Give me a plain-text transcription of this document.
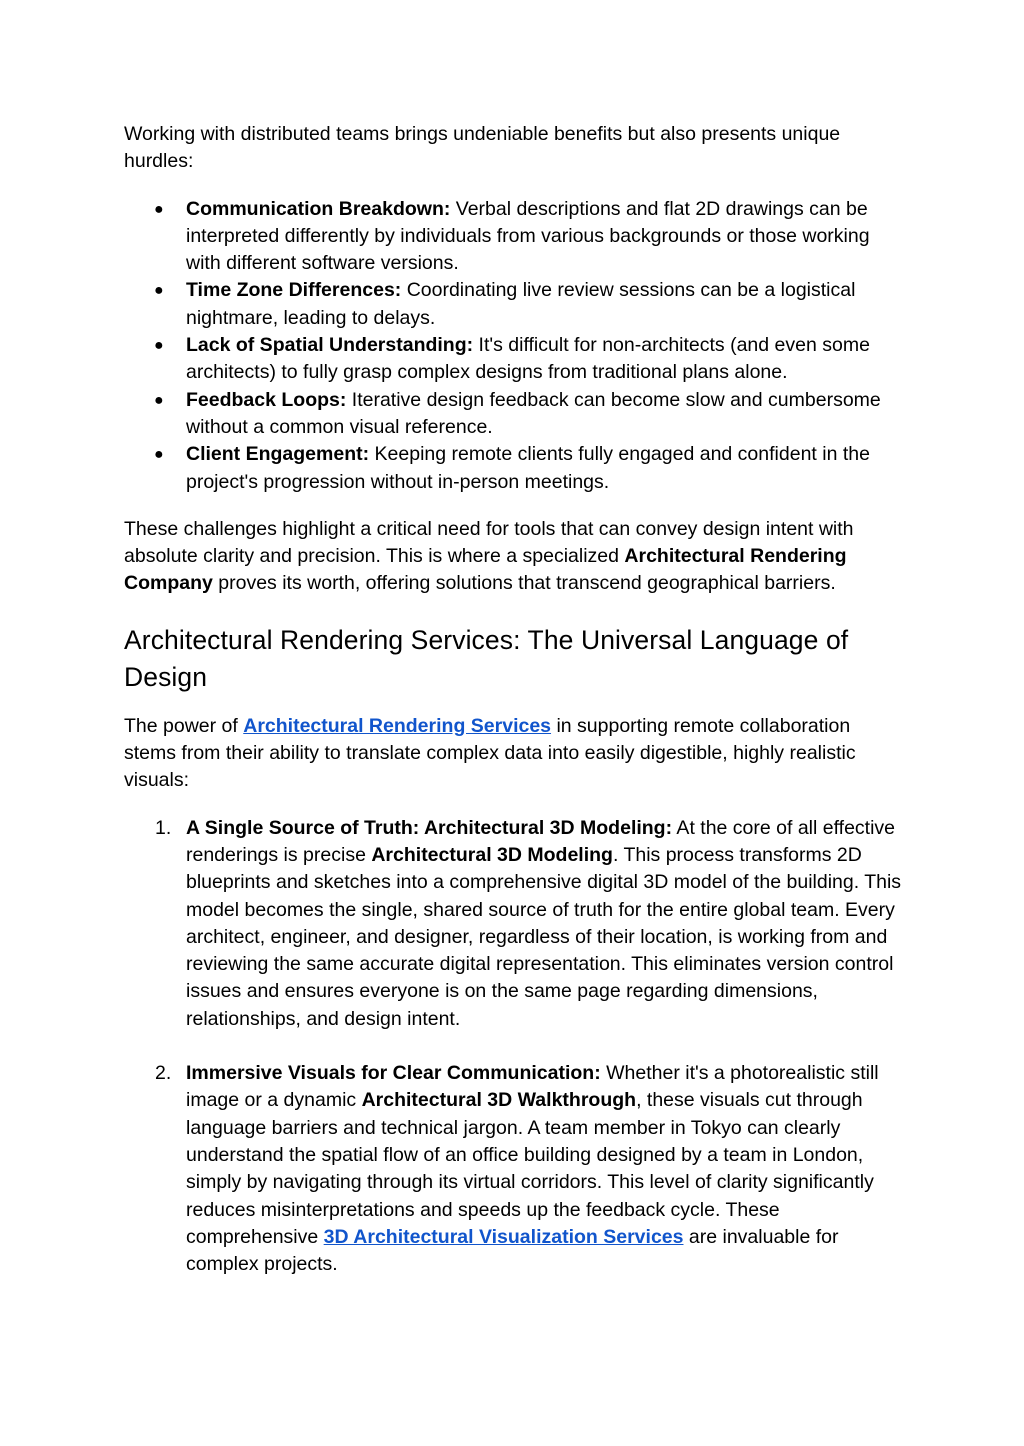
Working with distributed teams brings undeniable benefits but also presents unique hurdles:

● Communication Breakdown: Verbal descriptions and flat 2D drawings can be interpreted differently by individuals from various backgrounds or those working with different software versions.
● Time Zone Differences: Coordinating live review sessions can be a logistical nightmare, leading to delays.
● Lack of Spatial Understanding: It's difficult for non-architects (and even some architects) to fully grasp complex designs from traditional plans alone.
● Feedback Loops: Iterative design feedback can become slow and cumbersome without a common visual reference.
● Client Engagement: Keeping remote clients fully engaged and confident in the project's progression without in-person meetings.

These challenges highlight a critical need for tools that can convey design intent with absolute clarity and precision. This is where a specialized Architectural Rendering Company proves its worth, offering solutions that transcend geographical barriers.

Architectural Rendering Services: The Universal Language of Design

The power of Architectural Rendering Services in supporting remote collaboration stems from their ability to translate complex data into easily digestible, highly realistic visuals:

1. A Single Source of Truth: Architectural 3D Modeling: At the core of all effective renderings is precise Architectural 3D Modeling. This process transforms 2D blueprints and sketches into a comprehensive digital 3D model of the building. This model becomes the single, shared source of truth for the entire global team. Every architect, engineer, and designer, regardless of their location, is working from and reviewing the same accurate digital representation. This eliminates version control issues and ensures everyone is on the same page regarding dimensions, relationships, and design intent.
2. Immersive Visuals for Clear Communication: Whether it's a photorealistic still image or a dynamic Architectural 3D Walkthrough, these visuals cut through language barriers and technical jargon. A team member in Tokyo can clearly understand the spatial flow of an office building designed by a team in London, simply by navigating through its virtual corridors. This level of clarity significantly reduces misinterpretations and speeds up the feedback cycle. These comprehensive 3D Architectural Visualization Services are invaluable for complex projects.
